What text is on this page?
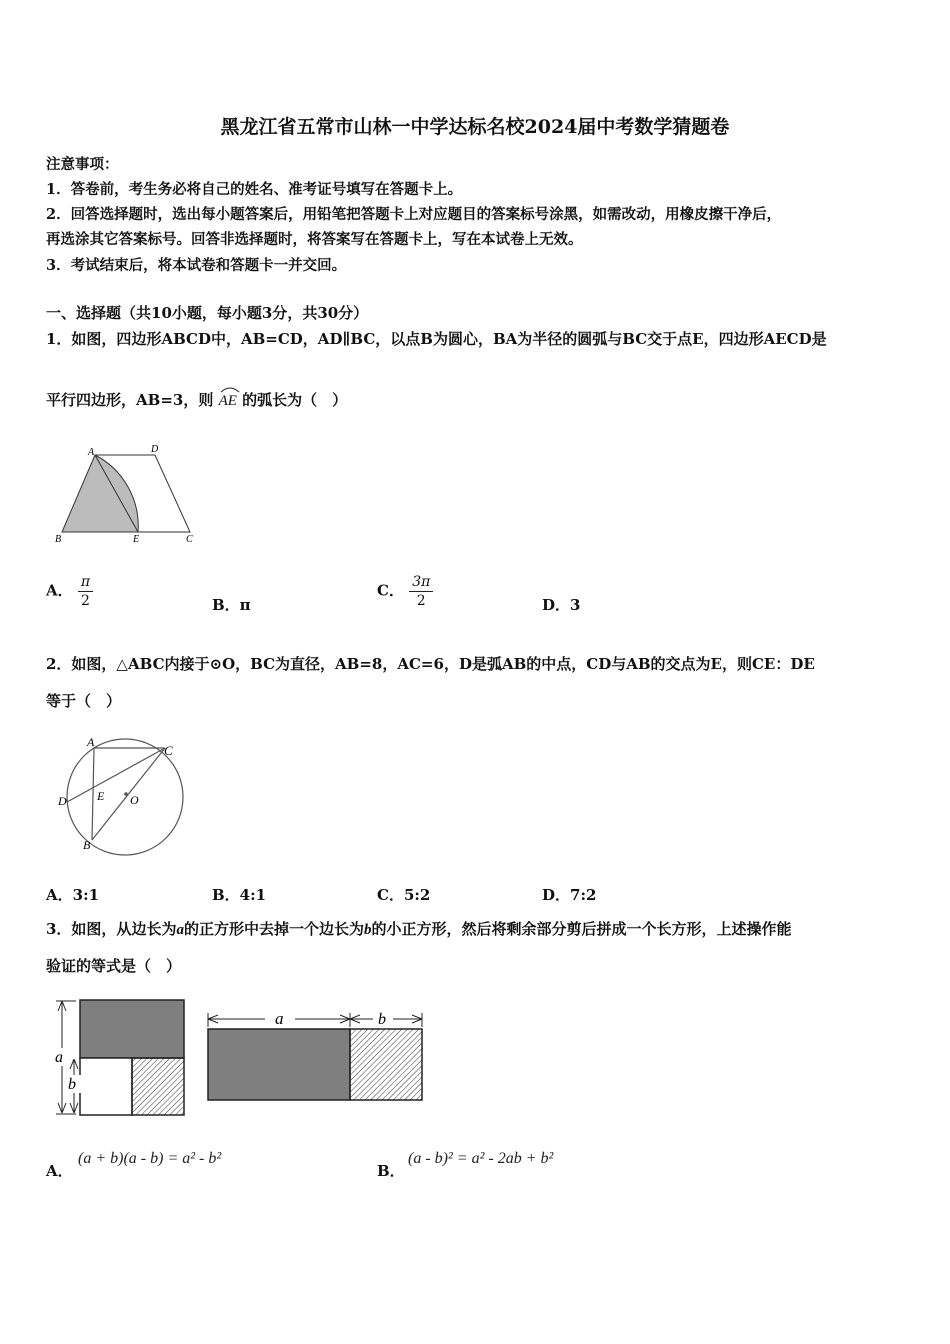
黑龙江省五常市山林一中学达标名校2024届中考数学猜题卷
注意事项：
1．答卷前，考生务必将自己的姓名、准考证号填写在答题卡上。
2．回答选择题时，选出每小题答案后，用铅笔把答题卡上对应题目的答案标号涂黑，如需改动，用橡皮擦干净后，
再选涂其它答案标号。回答非选择题时，将答案写在答题卡上，写在本试卷上无效。
3．考试结束后，将本试卷和答题卡一并交回。
一、选择题（共10小题，每小题3分，共30分）
1．如图，四边形ABCD中，AB=CD，AD∥BC，以点B为圆心，BA为半径的圆弧与BC交于点E，四边形AECD是
平行四边形，AB=3，则 AE 的弧长为（　）
A	D
B	E	C
A． $\frac{\pi}{2}$	B．π
C． $\frac{3\pi}{2}$	D．3
2．如图，△ABC内接于⊙O，BC为直径，AB=8，AC=6，D是弧AB的中点，CD与AB的交点为E，则CE：DE
等于（　）
A
C
D	E O
B
A．3:1	B．4:1	C．5:2	D．7:2
3．如图，从边长为a的正方形中去掉一个边长为b的小正方形，然后将剩余部分剪后拼成一个长方形，上述操作能
验证的等式是（　）
a
b
a	b
A．
(a + b)(a - b) = a² - b²
B．
(a - b)² = a² - 2ab + b²
